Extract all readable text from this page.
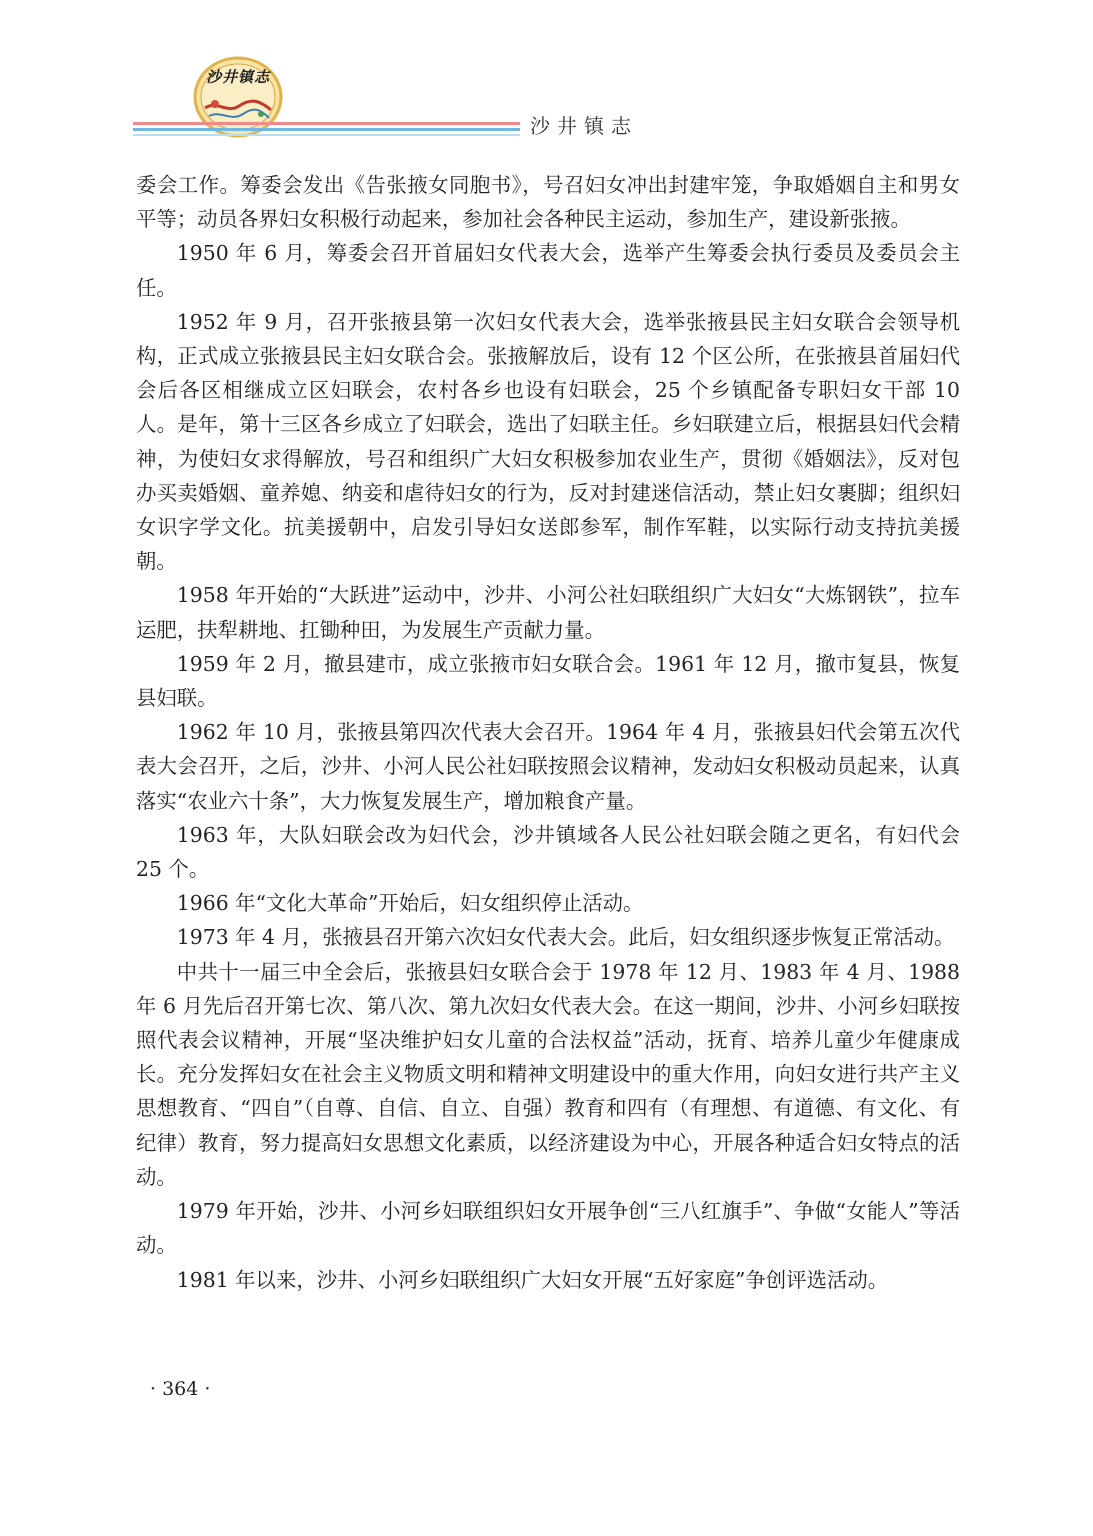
沙井镇志
沙井镇志

委会工作。筹委会发出《告张掖女同胞书》，号召妇女冲出封建牢笼，争取婚姻自主和男女平等；动员各界妇女积极行动起来，参加社会各种民主运动，参加生产，建设新张掖。

1950 年 6 月，筹委会召开首届妇女代表大会，选举产生筹委会执行委员及委员会主任。

1952 年 9 月，召开张掖县第一次妇女代表大会，选举张掖县民主妇女联合会领导机构，正式成立张掖县民主妇女联合会。张掖解放后，设有 12 个区公所，在张掖县首届妇代会后各区相继成立区妇联会，农村各乡也设有妇联会，25 个乡镇配备专职妇女干部 10 人。是年，第十三区各乡成立了妇联会，选出了妇联主任。乡妇联建立后，根据县妇代会精神，为使妇女求得解放，号召和组织广大妇女积极参加农业生产，贯彻《婚姻法》，反对包办买卖婚姻、童养媳、纳妾和虐待妇女的行为，反对封建迷信活动，禁止妇女裹脚；组织妇女识字学文化。抗美援朝中，启发引导妇女送郎参军，制作军鞋，以实际行动支持抗美援朝。

1958 年开始的“大跃进”运动中，沙井、小河公社妇联组织广大妇女“大炼钢铁”，拉车运肥，扶犁耕地、扛锄种田，为发展生产贡献力量。

1959 年 2 月，撤县建市，成立张掖市妇女联合会。1961 年 12 月，撤市复县，恢复县妇联。

1962 年 10 月，张掖县第四次代表大会召开。1964 年 4 月，张掖县妇代会第五次代表大会召开，之后，沙井、小河人民公社妇联按照会议精神，发动妇女积极动员起来，认真落实“农业六十条”，大力恢复发展生产，增加粮食产量。

1963 年，大队妇联会改为妇代会，沙井镇域各人民公社妇联会随之更名，有妇代会 25 个。

1966 年“文化大革命”开始后，妇女组织停止活动。

1973 年 4 月，张掖县召开第六次妇女代表大会。此后，妇女组织逐步恢复正常活动。

中共十一届三中全会后，张掖县妇女联合会于 1978 年 12 月、1983 年 4 月、1988 年 6 月先后召开第七次、第八次、第九次妇女代表大会。在这一期间，沙井、小河乡妇联按照代表会议精神，开展“坚决维护妇女儿童的合法权益”活动，抚育、培养儿童少年健康成长。充分发挥妇女在社会主义物质文明和精神文明建设中的重大作用，向妇女进行共产主义思想教育、“四自”（自尊、自信、自立、自强）教育和四有（有理想、有道德、有文化、有纪律）教育，努力提高妇女思想文化素质，以经济建设为中心，开展各种适合妇女特点的活动。

1979 年开始，沙井、小河乡妇联组织妇女开展争创“三八红旗手”、争做“女能人”等活动。

1981 年以来，沙井、小河乡妇联组织广大妇女开展“五好家庭”争创评选活动。

· 364 ·
